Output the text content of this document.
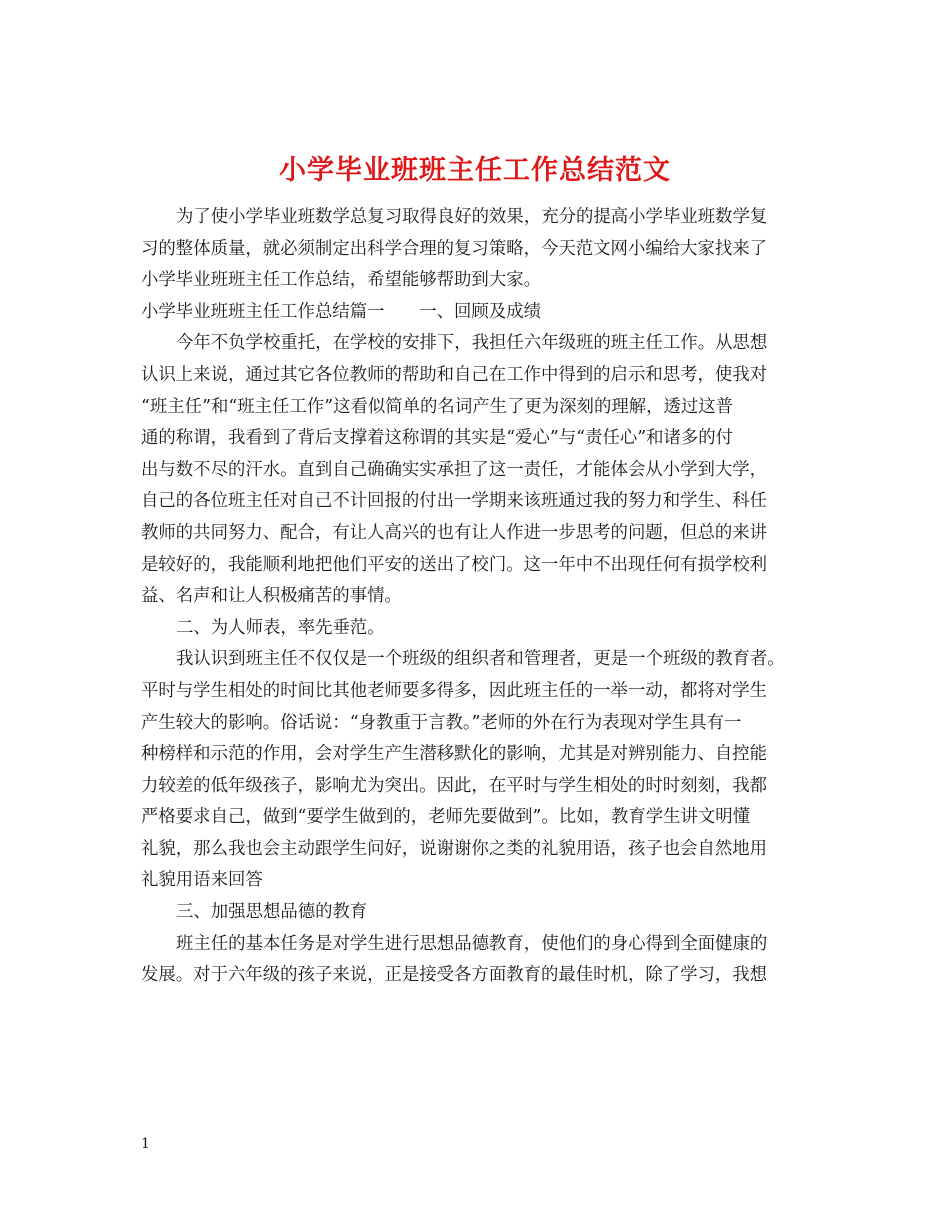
小学毕业班班主任工作总结范文
为了使小学毕业班数学总复习取得良好的效果，充分的提高小学毕业班数学复
习的整体质量，就必须制定出科学合理的复习策略，今天范文网小编给大家找来了
小学毕业班班主任工作总结，希望能够帮助到大家。
小学毕业班班主任工作总结篇一　　一、回顾及成绩
今年不负学校重托，在学校的安排下，我担任六年级班的班主任工作。从思想
认识上来说，通过其它各位教师的帮助和自己在工作中得到的启示和思考，使我对
“班主任”和“班主任工作”这看似简单的名词产生了更为深刻的理解，透过这普
通的称谓，我看到了背后支撑着这称谓的其实是“爱心”与“责任心”和诸多的付
出与数不尽的汗水。直到自己确确实实承担了这一责任，才能体会从小学到大学，
自己的各位班主任对自己不计回报的付出一学期来该班通过我的努力和学生、科任
教师的共同努力、配合，有让人高兴的也有让人作进一步思考的问题，但总的来讲
是较好的，我能顺利地把他们平安的送出了校门。这一年中不出现任何有损学校利
益、名声和让人积极痛苦的事情。
二、为人师表，率先垂范。
我认识到班主任不仅仅是一个班级的组织者和管理者，更是一个班级的教育者。
平时与学生相处的时间比其他老师要多得多，因此班主任的一举一动，都将对学生
产生较大的影响。俗话说：“身教重于言教。”老师的外在行为表现对学生具有一
种榜样和示范的作用，会对学生产生潜移默化的影响，尤其是对辨别能力、自控能
力较差的低年级孩子，影响尤为突出。因此，在平时与学生相处的时时刻刻，我都
严格要求自己，做到“要学生做到的，老师先要做到”。比如，教育学生讲文明懂
礼貌，那么我也会主动跟学生问好，说谢谢你之类的礼貌用语，孩子也会自然地用
礼貌用语来回答
三、加强思想品德的教育
班主任的基本任务是对学生进行思想品德教育，使他们的身心得到全面健康的
发展。对于六年级的孩子来说，正是接受各方面教育的最佳时机，除了学习，我想
1
